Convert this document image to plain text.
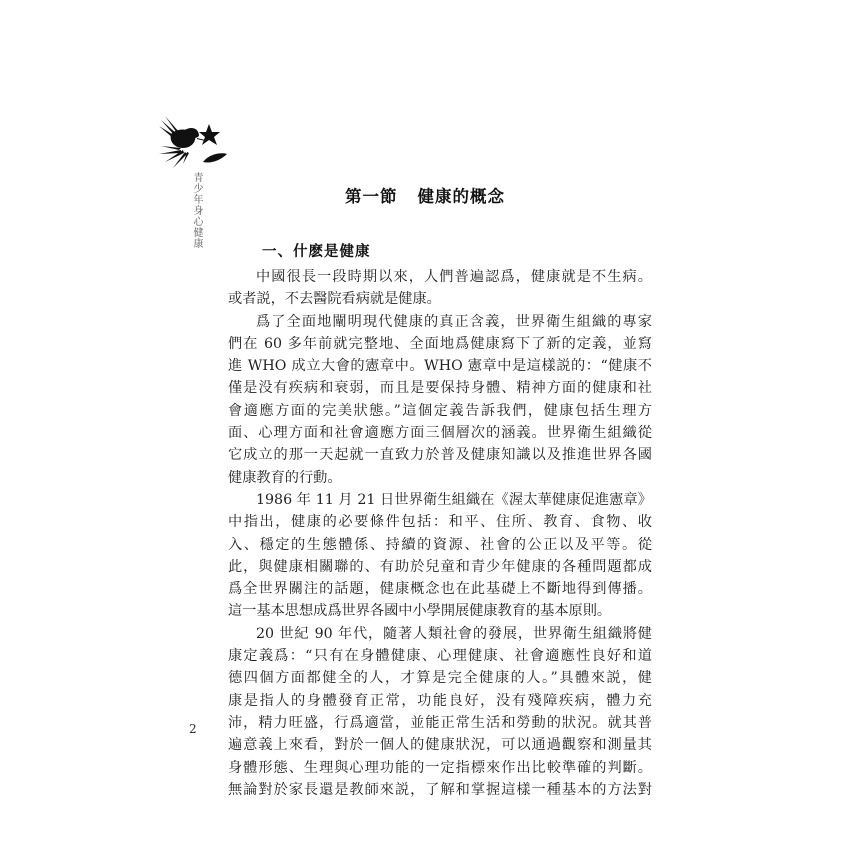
青少年身心健康	第一節 健康的概念
一、什麽是健康
中國很長一段時期以來，人們普遍認爲，健康就是不生病。
或者説，不去醫院看病就是健康。
爲了全面地闡明現代健康的真正含義，世界衛生組織的專家
們在 60 多年前就完整地、全面地爲健康寫下了新的定義，並寫
進 WHO 成立大會的憲章中。WHO 憲章中是這樣説的：“健康不
僅是没有疾病和衰弱，而且是要保持身體、精神方面的健康和社
會適應方面的完美狀態。”這個定義告訴我們，健康包括生理方
面、心理方面和社會適應方面三個層次的涵義。世界衛生組織從
它成立的那一天起就一直致力於普及健康知識以及推進世界各國
健康教育的行動。
1986 年 11 月 21 日世界衛生組織在《渥太華健康促進憲章》
中指出，健康的必要條件包括：和平、住所、教育、食物、收
入、穩定的生態體係、持續的資源、社會的公正以及平等。從
此，與健康相關聯的、有助於兒童和青少年健康的各種問題都成
爲全世界關注的話題，健康概念也在此基礎上不斷地得到傳播。
這一基本思想成爲世界各國中小學開展健康教育的基本原則。
20 世紀 90 年代，隨著人類社會的發展，世界衛生組織將健
康定義爲：“只有在身體健康、心理健康、社會適應性良好和道
德四個方面都健全的人，才算是完全健康的人。”具體來説，健
康是指人的身體發育正常，功能良好，没有殘障疾病，體力充
沛，精力旺盛，行爲適當，並能正常生活和勞動的狀況。就其普
遍意義上來看，對於一個人的健康狀況，可以通過觀察和測量其
身體形態、生理與心理功能的一定指標來作出比較準確的判斷。
無論對於家長還是教師來説，了解和掌握這樣一種基本的方法對
2
